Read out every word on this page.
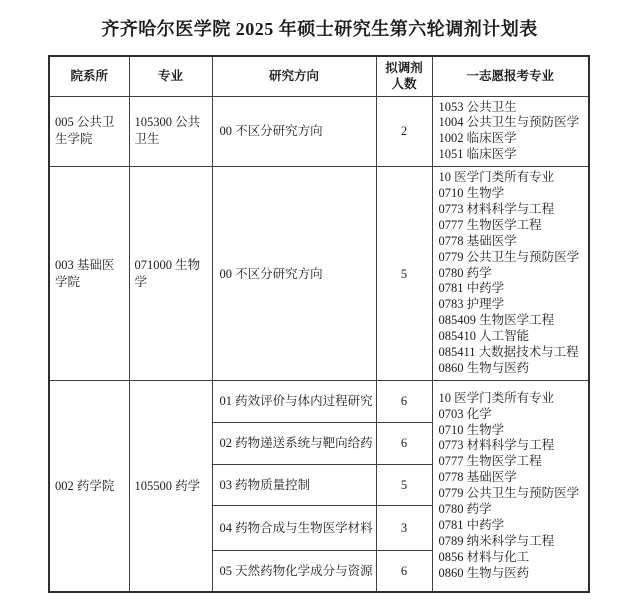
齐齐哈尔医学院 2025 年硕士研究生第六轮调剂计划表
院系所	专业	研究方向	拟调剂人数	一志愿报考专业
005 公共卫生学院	105300 公共卫生	00 不区分研究方向	2	1053 公共卫生
1004 公共卫生与预防医学
1002 临床医学
1051 临床医学

003 基础医学院	071000 生物学	00 不区分研究方向	5	
10 医学门类所有专业
0710 生物学
0773 材料科学与工程
0777 生物医学工程
0778 基础医学
0779 公共卫生与预防医学
0780 药学
0781 中药学
0783 护理学
085409 生物医学工程
085410 人工智能
085411 大数据技术与工程
0860 生物与医药

002 药学院	105500 药学	01 药效评价与体内过程研究	6	10 医学门类所有专业
0703 化学
0710 生物学
0773 材料科学与工程
0777 生物医学工程
0778 基础医学
0779 公共卫生与预防医学
0780 药学
0781 中药学
0789 纳米科学与工程
0856 材料与化工
0860 生物与医药

		02 药物递送系统与靶向给药	6	
		03 药物质量控制	5	
		04 药物合成与生物医学材料	3	
		05 天然药物化学成分与资源	6	
